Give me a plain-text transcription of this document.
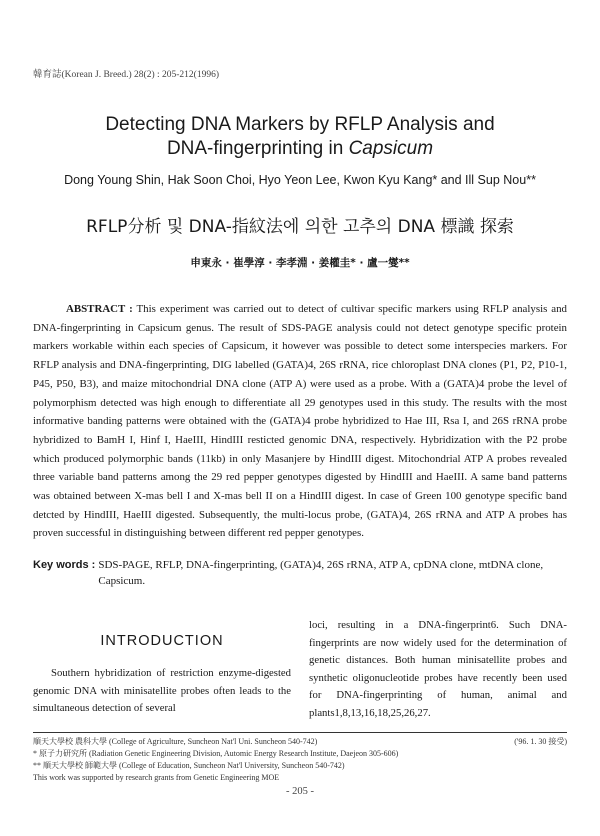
韓育誌(Korean J. Breed.) 28(2) : 205-212(1996)
Detecting DNA Markers by RFLP Analysis and
DNA-fingerprinting in Capsicum
Dong Young Shin, Hak Soon Choi, Hyo Yeon Lee, Kwon Kyu Kang* and Ill Sup Nou**
RFLP分析 및 DNA-指紋法에 의한 고추의 DNA 標識 探索
申東永 · 崔學淳 · 李孝淵 · 姜權圭* · 盧一燮**
ABSTRACT : This experiment was carried out to detect of cultivar specific markers using RFLP analysis and DNA-fingerprinting in Capsicum genus. The result of SDS-PAGE analysis could not detect genotype specific protein markers workable within each species of Capsicum, it however was possible to detect some interspecies markers. For RFLP analysis and DNA-fingerprinting, DIG labelled (GATA)4, 26S rRNA, rice chloroplast DNA clones (P1, P2, P10-1, P45, P50, B3), and maize mitochondrial DNA clone (ATP A) were used as a probe. With a (GATA)4 probe the level of polymorphism detected was high enough to differentiate all 29 genotypes used in this study. The results with the most informative banding patterns were obtained with the (GATA)4 probe hybridized to Hae III, Rsa I, and 26S rRNA probe hybridized to BamH I, Hinf I, HaeIII, HindIII resticted genomic DNA, respectively. Hybridization with the P2 probe which produced polymorphic bands (11kb) in only Masanjere by HindIII digest. Mitochondrial ATP A probes revealed three variable band patterns among the 29 red pepper genotypes digested by HindIII and HaeIII. A same band patterns was obtained between X-mas bell I and X-mas bell II on a HindIII digest. In case of Green 100 genotype specific band detcted by HindIII, HaeIII digested. Subsequently, the multi-locus probe, (GATA)4, 26S rRNA and ATP A probes has proven successful in distinguishing between different red pepper genotypes.
Key words : SDS-PAGE, RFLP, DNA-fingerprinting, (GATA)4, 26S rRNA, ATP A, cpDNA clone, mtDNA clone, Capsicum.
INTRODUCTION

Southern hybridization of restriction enzyme-digested genomic DNA with minisatellite probes often leads to the simultaneous detection of several

loci, resulting in a DNA-fingerprint6. Such DNA-fingerprints are now widely used for the determination of genetic distances. Both human minisatellite probes and synthetic oligonucleotide probes have recently been used for DNA-fingerprinting of human, animal and plants1,8,13,16,18,25,26,27.

順天大學校 農科大學 (College of Agriculture, Suncheon Nat'l Uni. Suncheon 540-742)	('96. 1. 30 接受)
* 原子力研究所 (Radiation Genetic Engineering Division, Automic Energy Research Institute, Daejeon 305-606)
** 順天大學校 師範大學 (College of Education, Suncheon Nat'l University, Suncheon 540-742)
This work was supported by research grants from Genetic Engineering MOE
- 205 -
